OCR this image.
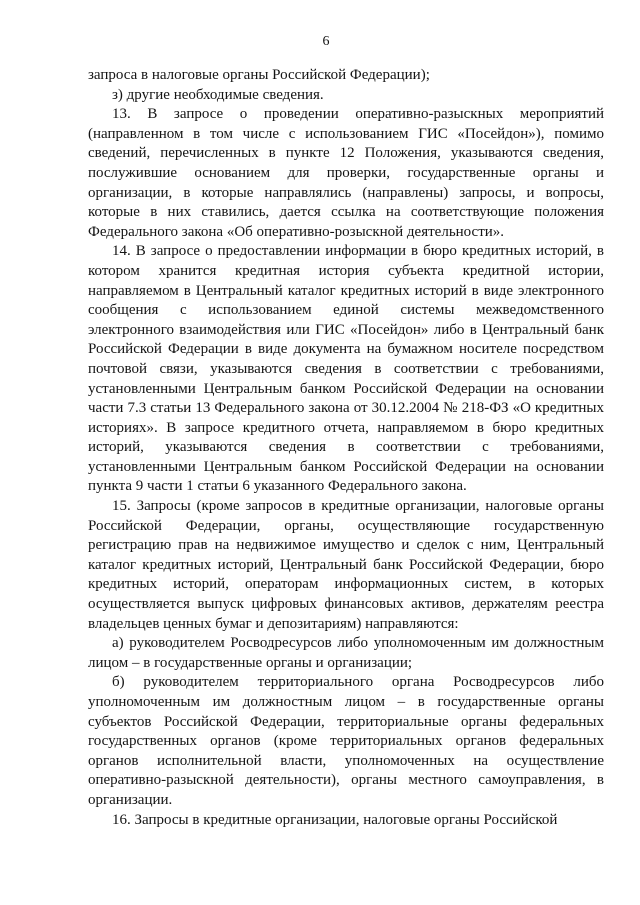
6

запроса в налоговые органы Российской Федерации);

з) другие необходимые сведения.

13. В запросе о проведении оперативно-разыскных мероприятий (направленном в том числе с использованием ГИС «Посейдон»), помимо сведений, перечисленных в пункте 12 Положения, указываются сведения, послужившие основанием для проверки, государственные органы и организации, в которые направлялись (направлены) запросы, и вопросы, которые в них ставились, дается ссылка на соответствующие положения Федерального закона «Об оперативно-розыскной деятельности».

14. В запросе о предоставлении информации в бюро кредитных историй, в котором хранится кредитная история субъекта кредитной истории, направляемом в Центральный каталог кредитных историй в виде электронного сообщения с использованием единой системы межведомственного электронного взаимодействия или ГИС «Посейдон» либо в Центральный банк Российской Федерации в виде документа на бумажном носителе посредством почтовой связи, указываются сведения в соответствии с требованиями, установленными Центральным банком Российской Федерации на основании части 7.3 статьи 13 Федерального закона от 30.12.2004 № 218-ФЗ «О кредитных историях». В запросе кредитного отчета, направляемом в бюро кредитных историй, указываются сведения в соответствии с требованиями, установленными Центральным банком Российской Федерации на основании пункта 9 части 1 статьи 6 указанного Федерального закона.

15. Запросы (кроме запросов в кредитные организации, налоговые органы Российской Федерации, органы, осуществляющие государственную регистрацию прав на недвижимое имущество и сделок с ним, Центральный каталог кредитных историй, Центральный банк Российской Федерации, бюро кредитных историй, операторам информационных систем, в которых осуществляется выпуск цифровых финансовых активов, держателям реестра владельцев ценных бумаг и депозитариям) направляются:

а) руководителем Росводресурсов либо уполномоченным им должностным лицом – в государственные органы и организации;

б) руководителем территориального органа Росводресурсов либо уполномоченным им должностным лицом – в государственные органы субъектов Российской Федерации, территориальные органы федеральных государственных органов (кроме территориальных органов федеральных органов исполнительной власти, уполномоченных на осуществление оперативно-разыскной деятельности), органы местного самоуправления, в организации.

16. Запросы в кредитные организации, налоговые органы Российской
